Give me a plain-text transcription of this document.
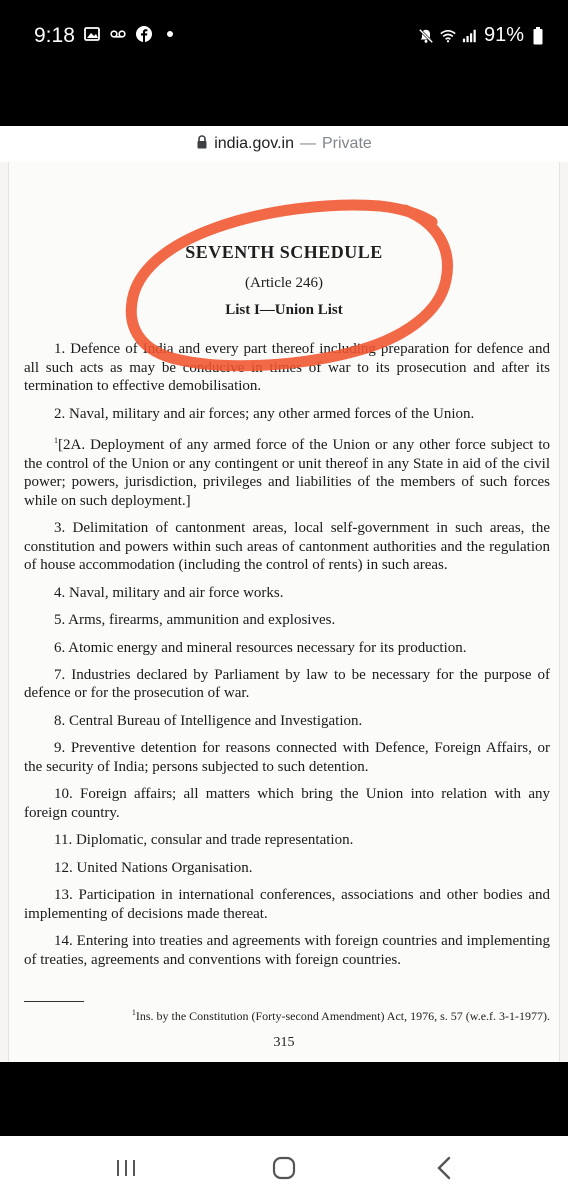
9:18	91%
india.gov.in — Private
SEVENTH SCHEDULE
(Article 246)
List I—Union List

1. Defence of India and every part thereof including preparation for defence and all such acts as may be conducive in times of war to its prosecution and after its termination to effective demobilisation.

2. Naval, military and air forces; any other armed forces of the Union.

$^1$[2A. Deployment of any armed force of the Union or any other force subject to the control of the Union or any contingent or unit thereof in any State in aid of the civil power; powers, jurisdiction, privileges and liabilities of the members of such forces while on such deployment.]

3. Delimitation of cantonment areas, local self-government in such areas, the constitution and powers within such areas of cantonment authorities and the regulation of house accommodation (including the control of rents) in such areas.

4. Naval, military and air force works.

5. Arms, firearms, ammunition and explosives.

6. Atomic energy and mineral resources necessary for its production.

7. Industries declared by Parliament by law to be necessary for the purpose of defence or for the prosecution of war.

8. Central Bureau of Intelligence and Investigation.

9. Preventive detention for reasons connected with Defence, Foreign Affairs, or the security of India; persons subjected to such detention.

10. Foreign affairs; all matters which bring the Union into relation with any foreign country.

11. Diplomatic, consular and trade representation.

12. United Nations Organisation.

13. Participation in international conferences, associations and other bodies and implementing of decisions made thereat.

14. Entering into treaties and agreements with foreign countries and implementing of treaties, agreements and conventions with foreign countries.

$^1$Ins. by the Constitution (Forty-second Amendment) Act, 1976, s. 57 (w.e.f. 3-1-1977).
315
